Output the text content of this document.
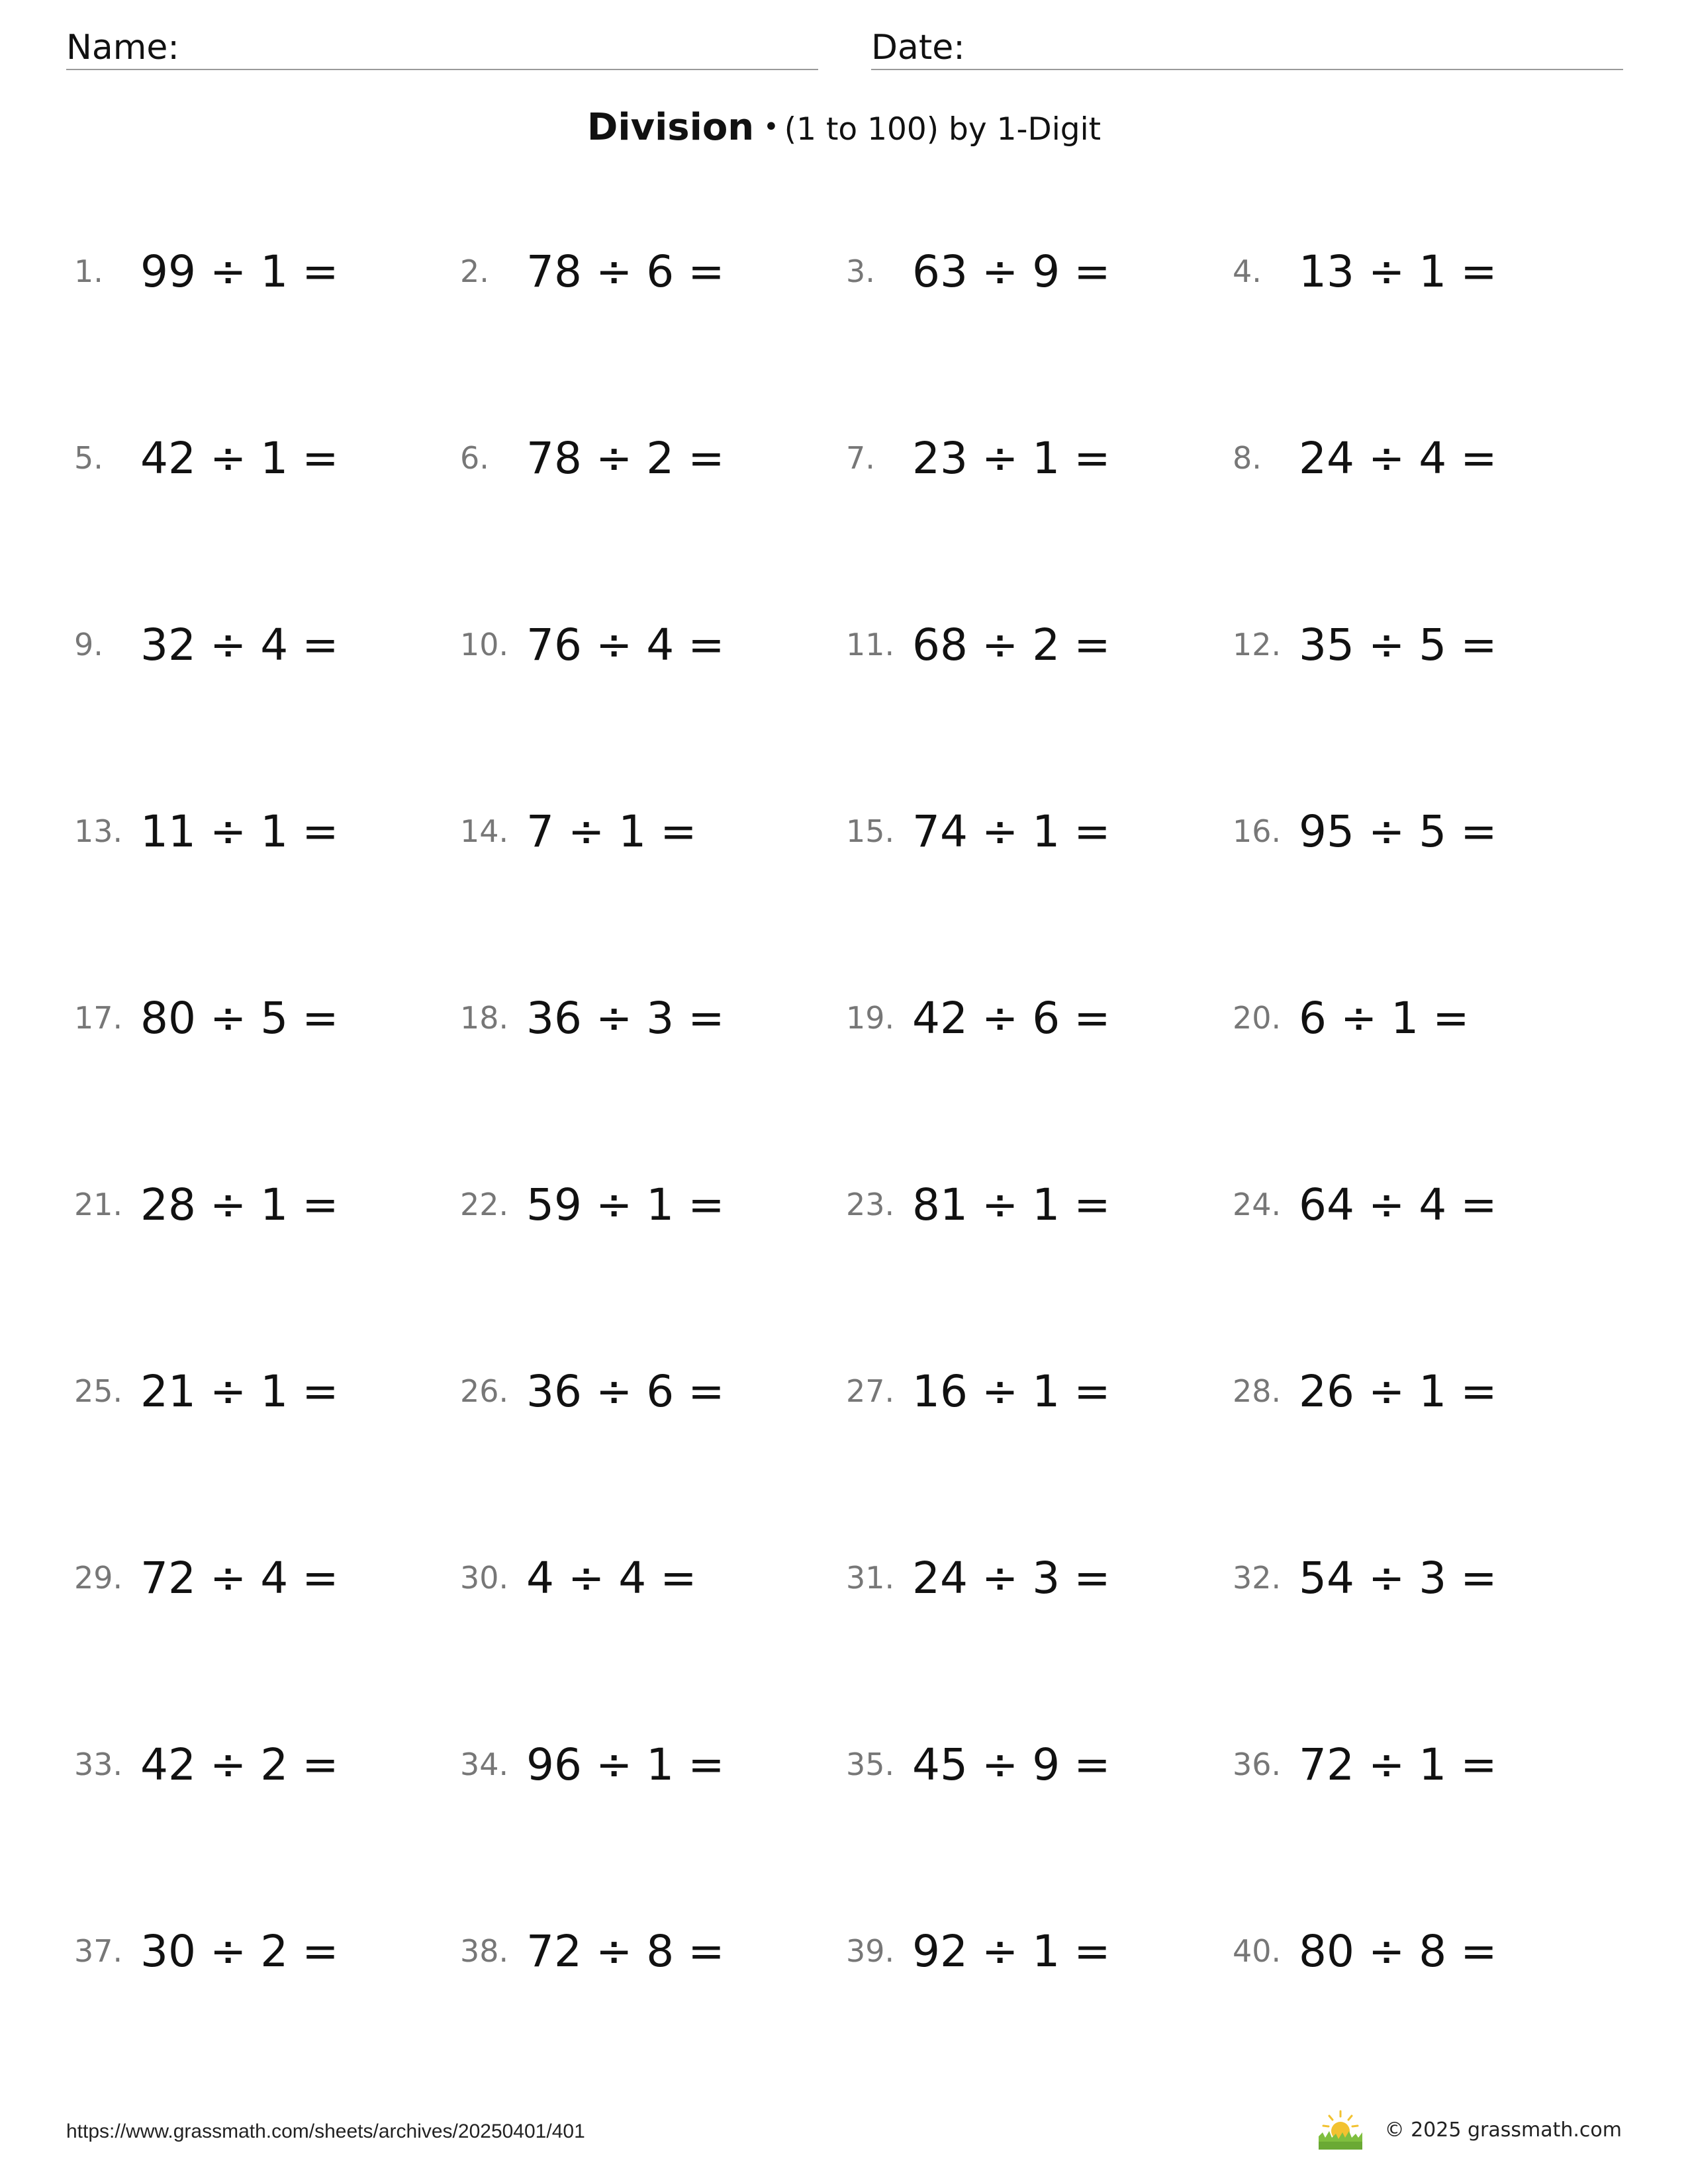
Name:	Date:
Division • (1 to 100) by 1-Digit
1. 99 ÷ 1 =	2. 78 ÷ 6 =	3. 63 ÷ 9 =	4. 13 ÷ 1 =
5. 42 ÷ 1 =	6. 78 ÷ 2 =	7. 23 ÷ 1 =	8. 24 ÷ 4 =
9. 32 ÷ 4 =	10. 76 ÷ 4 =	11. 68 ÷ 2 =	12. 35 ÷ 5 =
13. 11 ÷ 1 =	14. 7 ÷ 1 =	15. 74 ÷ 1 =	16. 95 ÷ 5 =
17. 80 ÷ 5 =	18. 36 ÷ 3 =	19. 42 ÷ 6 =	20. 6 ÷ 1 =
21. 28 ÷ 1 =	22. 59 ÷ 1 =	23. 81 ÷ 1 =	24. 64 ÷ 4 =
25. 21 ÷ 1 =	26. 36 ÷ 6 =	27. 16 ÷ 1 =	28. 26 ÷ 1 =
29. 72 ÷ 4 =	30. 4 ÷ 4 =	31. 24 ÷ 3 =	32. 54 ÷ 3 =
33. 42 ÷ 2 =	34. 96 ÷ 1 =	35. 45 ÷ 9 =	36. 72 ÷ 1 =
37. 30 ÷ 2 =	38. 72 ÷ 8 =	39. 92 ÷ 1 =	40. 80 ÷ 8 =
https://www.grassmath.com/sheets/archives/20250401/401	© 2025 grassmath.com
